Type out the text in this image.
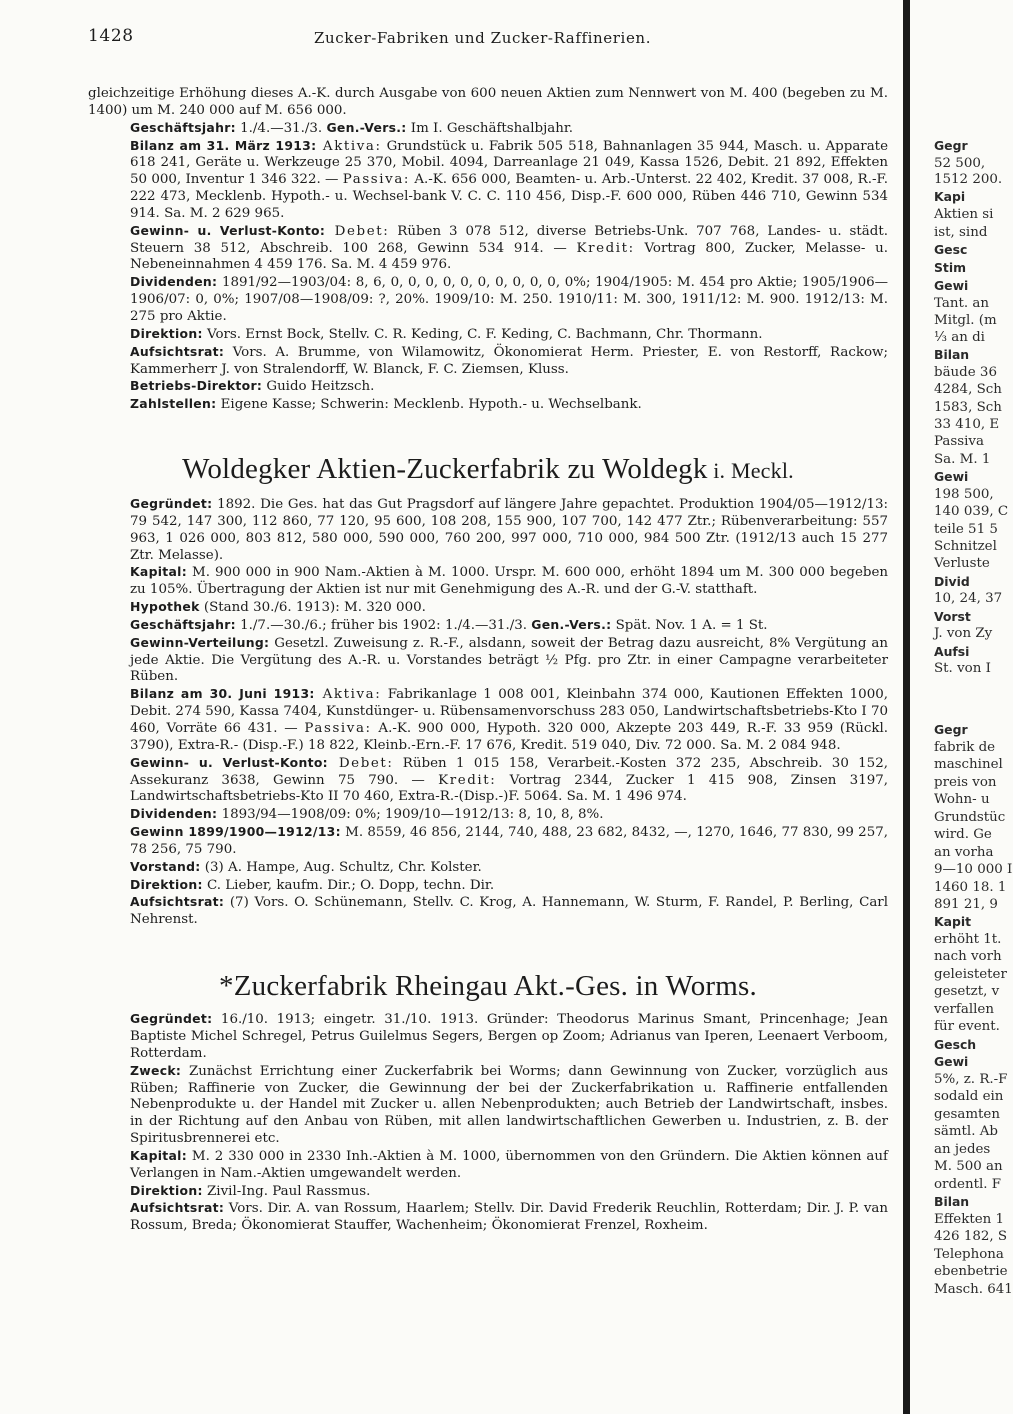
1428	Zucker-Fabriken und Zucker-Raffinerien.

gleichzeitige Erhöhung dieses A.-K. durch Ausgabe von 600 neuen Aktien zum Nennwert von M. 400 (begeben zu M. 1400) um M. 240 000 auf M. 656 000.

Geschäftsjahr: 1./4.—31./3. Gen.-Vers.: Im I. Geschäftshalbjahr.

Bilanz am 31. März 1913: Aktiva: Grundstück u. Fabrik 505 518, Bahnanlagen 35 944, Masch. u. Apparate 618 241, Geräte u. Werkzeuge 25 370, Mobil. 4094, Darreanlage 21 049, Kassa 1526, Debit. 21 892, Effekten 50 000, Inventur 1 346 322. — Passiva: A.-K. 656 000, Beamten- u. Arb.-Unterst. 22 402, Kredit. 37 008, R.-F. 222 473, Mecklenb. Hypoth.- u. Wechsel-bank V. C. C. 110 456, Disp.-F. 600 000, Rüben 446 710, Gewinn 534 914. Sa. M. 2 629 965.

Gewinn- u. Verlust-Konto: Debet: Rüben 3 078 512, diverse Betriebs-Unk. 707 768, Landes- u. städt. Steuern 38 512, Abschreib. 100 268, Gewinn 534 914. — Kredit: Vortrag 800, Zucker, Melasse- u. Nebeneinnahmen 4 459 176. Sa. M. 4 459 976.

Dividenden: 1891/92—1903/04: 8, 6, 0, 0, 0, 0, 0, 0, 0, 0, 0, 0, 0%; 1904/1905: M. 454 pro Aktie; 1905/1906—1906/07: 0, 0%; 1907/08—1908/09: ?, 20%. 1909/10: M. 250. 1910/11: M. 300, 1911/12: M. 900. 1912/13: M. 275 pro Aktie.

Direktion: Vors. Ernst Bock, Stellv. C. R. Keding, C. F. Keding, C. Bachmann, Chr. Thormann.

Aufsichtsrat: Vors. A. Brumme, von Wilamowitz, Ökonomierat Herm. Priester, E. von Restorff, Rackow; Kammerherr J. von Stralendorff, W. Blanck, F. C. Ziemsen, Kluss.

Betriebs-Direktor: Guido Heitzsch.

Zahlstellen: Eigene Kasse; Schwerin: Mecklenb. Hypoth.- u. Wechselbank.

Woldegker Aktien-Zuckerfabrik zu Woldegk i. Meckl.

Gegründet: 1892. Die Ges. hat das Gut Pragsdorf auf längere Jahre gepachtet. Produktion 1904/05—1912/13: 79 542, 147 300, 112 860, 77 120, 95 600, 108 208, 155 900, 107 700, 142 477 Ztr.; Rübenverarbeitung: 557 963, 1 026 000, 803 812, 580 000, 590 000, 760 200, 997 000, 710 000, 984 500 Ztr. (1912/13 auch 15 277 Ztr. Melasse).

Kapital: M. 900 000 in 900 Nam.-Aktien à M. 1000. Urspr. M. 600 000, erhöht 1894 um M. 300 000 begeben zu 105%. Übertragung der Aktien ist nur mit Genehmigung des A.-R. und der G.-V. statthaft.

Hypothek (Stand 30./6. 1913): M. 320 000.

Geschäftsjahr: 1./7.—30./6.; früher bis 1902: 1./4.—31./3. Gen.-Vers.: Spät. Nov. 1 A. = 1 St.

Gewinn-Verteilung: Gesetzl. Zuweisung z. R.-F., alsdann, soweit der Betrag dazu ausreicht, 8% Vergütung an jede Aktie. Die Vergütung des A.-R. u. Vorstandes beträgt ½ Pfg. pro Ztr. in einer Campagne verarbeiteter Rüben.

Bilanz am 30. Juni 1913: Aktiva: Fabrikanlage 1 008 001, Kleinbahn 374 000, Kautionen Effekten 1000, Debit. 274 590, Kassa 7404, Kunstdünger- u. Rübensamenvorschuss 283 050, Landwirtschaftsbetriebs-Kto I 70 460, Vorräte 66 431. — Passiva: A.-K. 900 000, Hypoth. 320 000, Akzepte 203 449, R.-F. 33 959 (Rückl. 3790), Extra-R.- (Disp.-F.) 18 822, Kleinb.-Ern.-F. 17 676, Kredit. 519 040, Div. 72 000. Sa. M. 2 084 948.

Gewinn- u. Verlust-Konto: Debet: Rüben 1 015 158, Verarbeit.-Kosten 372 235, Abschreib. 30 152, Assekuranz 3638, Gewinn 75 790. — Kredit: Vortrag 2344, Zucker 1 415 908, Zinsen 3197, Landwirtschaftsbetriebs-Kto II 70 460, Extra-R.-(Disp.-)F. 5064. Sa. M. 1 496 974.

Dividenden: 1893/94—1908/09: 0%; 1909/10—1912/13: 8, 10, 8, 8%.

Gewinn 1899/1900—1912/13: M. 8559, 46 856, 2144, 740, 488, 23 682, 8432, —, 1270, 1646, 77 830, 99 257, 78 256, 75 790.

Vorstand: (3) A. Hampe, Aug. Schultz, Chr. Kolster.

Direktion: C. Lieber, kaufm. Dir.; O. Dopp, techn. Dir.

Aufsichtsrat: (7) Vors. O. Schünemann, Stellv. C. Krog, A. Hannemann, W. Sturm, F. Randel, P. Berling, Carl Nehrenst.

*Zuckerfabrik Rheingau Akt.-Ges. in Worms.

Gegründet: 16./10. 1913; eingetr. 31./10. 1913. Gründer: Theodorus Marinus Smant, Princenhage; Jean Baptiste Michel Schregel, Petrus Guilelmus Segers, Bergen op Zoom; Adrianus van Iperen, Leenaert Verboom, Rotterdam.

Zweck: Zunächst Errichtung einer Zuckerfabrik bei Worms; dann Gewinnung von Zucker, vorzüglich aus Rüben; Raffinerie von Zucker, die Gewinnung der bei der Zuckerfabrikation u. Raffinerie entfallenden Nebenprodukte u. der Handel mit Zucker u. allen Nebenprodukten; auch Betrieb der Landwirtschaft, insbes. in der Richtung auf den Anbau von Rüben, mit allen landwirtschaftlichen Gewerben u. Industrien, z. B. der Spiritusbrennerei etc.

Kapital: M. 2 330 000 in 2330 Inh.-Aktien à M. 1000, übernommen von den Gründern. Die Aktien können auf Verlangen in Nam.-Aktien umgewandelt werden.

Direktion: Zivil-Ing. Paul Rassmus.

Aufsichtsrat: Vors. Dir. A. van Rossum, Haarlem; Stellv. Dir. David Frederik Reuchlin, Rotterdam; Dir. J. P. van Rossum, Breda; Ökonomierat Stauffer, Wachenheim; Ökonomierat Frenzel, Roxheim.

Gegr
52 500,
1512 200.
Kapi
Aktien si
ist, sind
Gesc
Stim
Gewi
Tant. an
Mitgl. (m
⅓ an di
Bilan
bäude 36
4284, Sch
1583, Sch
33 410, E
Passiva
Sa. M. 1
Gewi
198 500,
140 039, C
teile 51 5
Schnitzel
Verluste
Divid
10, 24, 37
Vorst
J. von Zy
Aufsi
St. von I
Gegr
fabrik de
maschinel
preis von
Wohn- u
Grundstüc
wird. Ge
an vorha
9—10 000 I
1460 18. 1
891 21, 9
Kapit
erhöht 1t.
nach vorh
geleisteter
gesetzt, v
verfallen
für event.
Gesch
Gewi
5%, z. R.-F
sodald ein
gesamten
sämtl. Ab
an jedes
M. 500 an
ordentl. F
Bilan
Effekten 1
426 182, S
Telephona
ebenbetrie
Masch. 641
